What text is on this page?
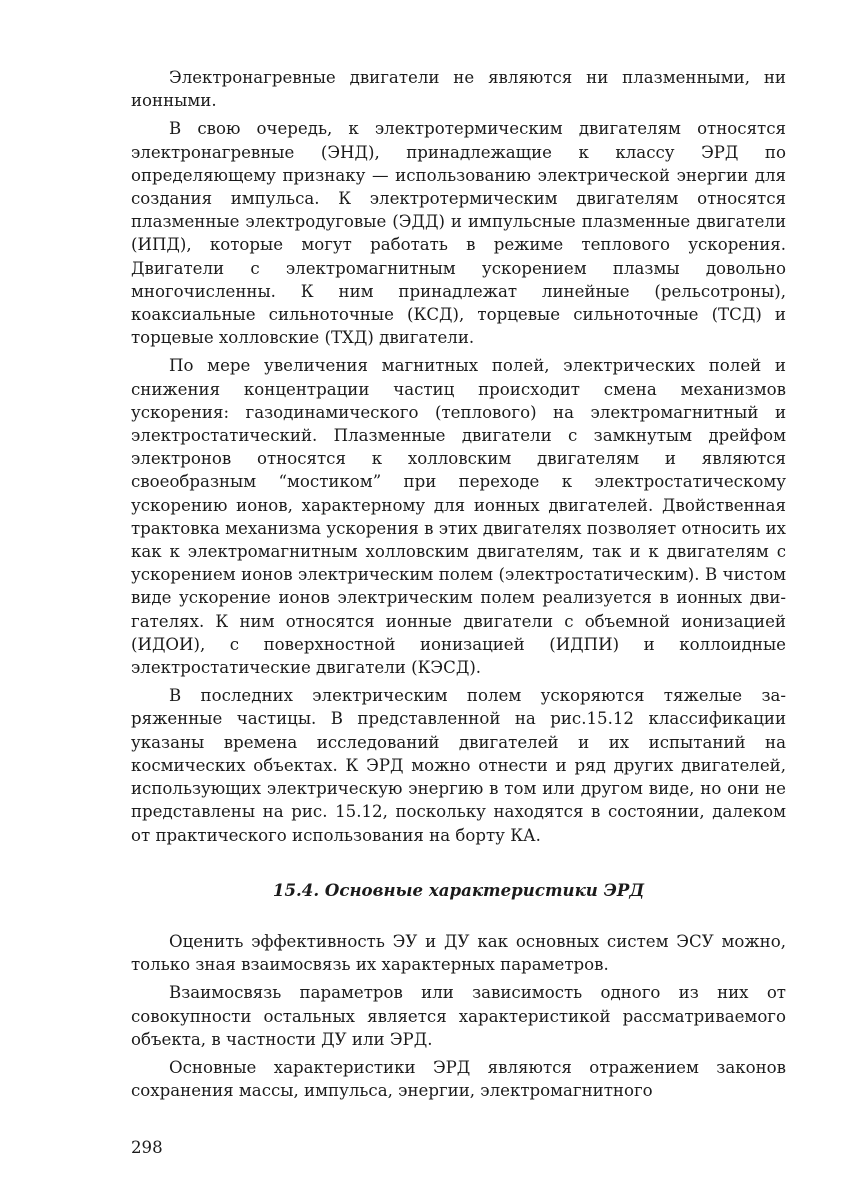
Электронагревные двигатели не являются ни плазменными, ни ионными.

В свою очередь, к электротермическим двигателям относятся электронагревные (ЭНД), принадлежащие к классу ЭРД по определяющему признаку — использованию электрической энергии для создания импульса. К электротермическим двигателям относятся плазменные электродуговые (ЭДД) и импульсные плазменные двигатели (ИПД), которые могут работать в режиме теплового ускорения. Двигатели с электромагнитным ускорением плазмы довольно многочисленны. К ним принадлежат линейные (рельсотроны), коаксиальные сильноточные (КСД), торцевые сильноточные (ТСД) и торцевые холловские (ТХД) двигатели.

По мере увеличения магнитных полей, электрических полей и снижения концентрации частиц происходит смена механизмов ускорения: газодинамического (теплового) на электромагнитный и электростатический. Плазменные двигатели с замкнутым дрейфом электронов относятся к холловским двигателям и являются своеобразным “мостиком” при переходе к электростатическому ускорению ионов, характерному для ионных двигателей. Двойственная трактовка механизма ускорения в этих двигателях позволяет относить их как к электромагнитным холловским двигателям, так и к двигателям с ускорением ионов электрическим полем (электростатическим). В чистом виде ускорение ионов электрическим полем реализуется в ионных двигателях. К ним относятся ионные двигатели с объемной ионизацией (ИДОИ), с поверхностной ионизацией (ИДПИ) и коллоидные электростатические двигатели (КЭСД).

В последних электрическим полем ускоряются тяжелые заряженные частицы. В представленной на рис.15.12 классификации указаны времена исследований двигателей и их испытаний на космических объектах. К ЭРД можно отнести и ряд других двигателей, использующих электрическую энергию в том или другом виде, но они не представлены на рис. 15.12, поскольку находятся в состоянии, далеком от практического использования на борту КА.

15.4. Основные характеристики ЭРД

Оценить эффективность ЭУ и ДУ как основных систем ЭСУ можно, только зная взаимосвязь их характерных параметров.

Взаимосвязь параметров или зависимость одного из них от совокупности остальных является характеристикой рассматриваемого объекта, в частности ДУ или ЭРД.

Основные характеристики ЭРД являются отражением законов сохранения массы, импульса, энергии, электромагнитного

298
